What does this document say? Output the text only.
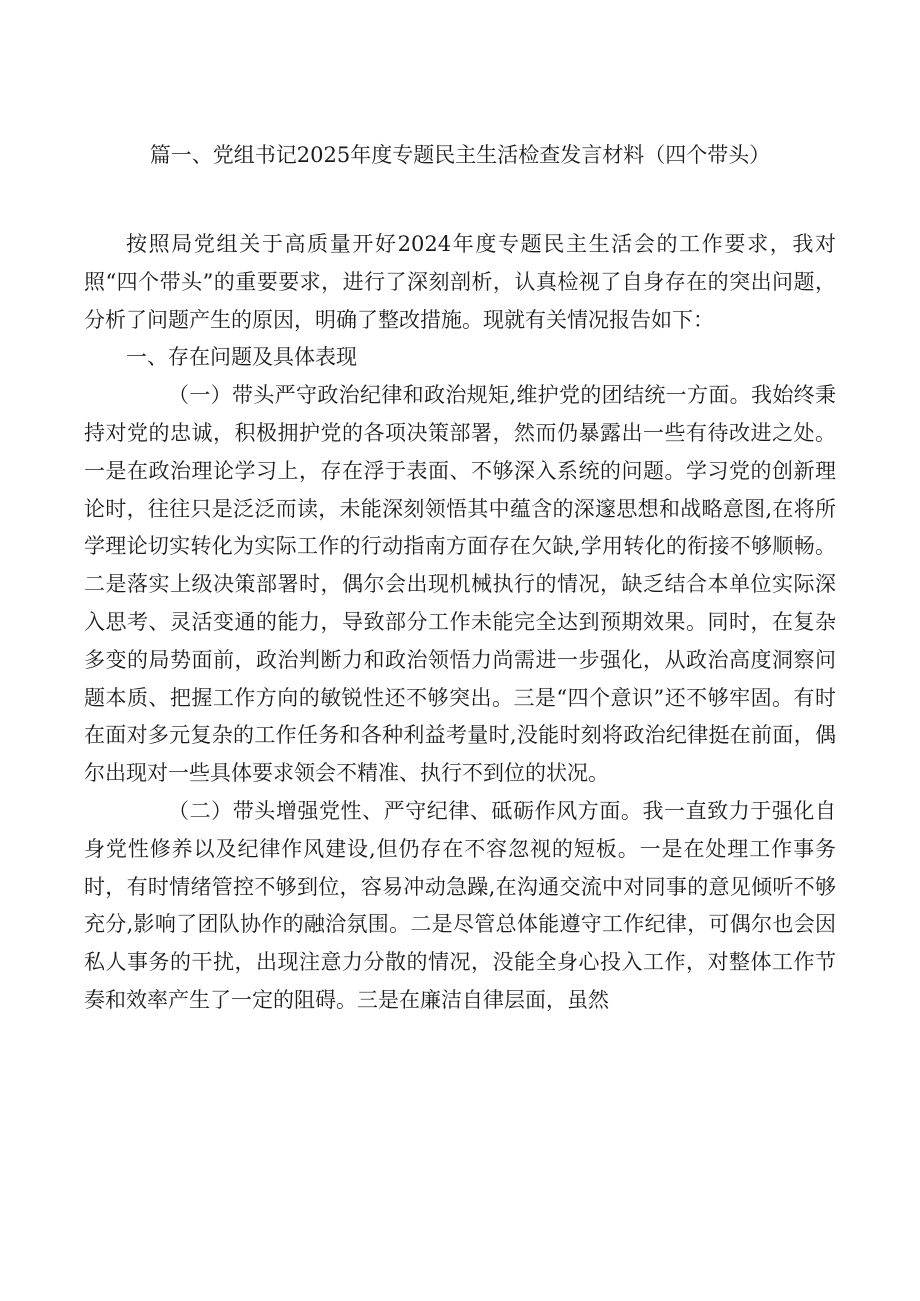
篇一、党组书记2025年度专题民主生活检查发言材料（四个带头）

按照局党组关于高质量开好2024年度专题民主生活会的工作要求，我对照“四个带头”的重要要求，进行了深刻剖析，认真检视了自身存在的突出问题，分析了问题产生的原因，明确了整改措施。现就有关情况报告如下：

一、存在问题及具体表现

（一）带头严守政治纪律和政治规矩,维护党的团结统一方面。我始终秉持对党的忠诚，积极拥护党的各项决策部署，然而仍暴露出一些有待改进之处。一是在政治理论学习上，存在浮于表面、不够深入系统的问题。学习党的创新理论时，往往只是泛泛而读，未能深刻领悟其中蕴含的深邃思想和战略意图,在将所学理论切实转化为实际工作的行动指南方面存在欠缺,学用转化的衔接不够顺畅。二是落实上级决策部署时，偶尔会出现机械执行的情况，缺乏结合本单位实际深入思考、灵活变通的能力，导致部分工作未能完全达到预期效果。同时，在复杂多变的局势面前，政治判断力和政治领悟力尚需进一步强化，从政治高度洞察问题本质、把握工作方向的敏锐性还不够突出。三是“四个意识”还不够牢固。有时在面对多元复杂的工作任务和各种利益考量时,没能时刻将政治纪律挺在前面，偶尔出现对一些具体要求领会不精准、执行不到位的状况。

（二）带头增强党性、严守纪律、砥砺作风方面。我一直致力于强化自身党性修养以及纪律作风建设,但仍存在不容忽视的短板。一是在处理工作事务时，有时情绪管控不够到位，容易冲动急躁,在沟通交流中对同事的意见倾听不够充分,影响了团队协作的融洽氛围。二是尽管总体能遵守工作纪律，可偶尔也会因私人事务的干扰，出现注意力分散的情况，没能全身心投入工作，对整体工作节奏和效率产生了一定的阻碍。三是在廉洁自律层面，虽然
